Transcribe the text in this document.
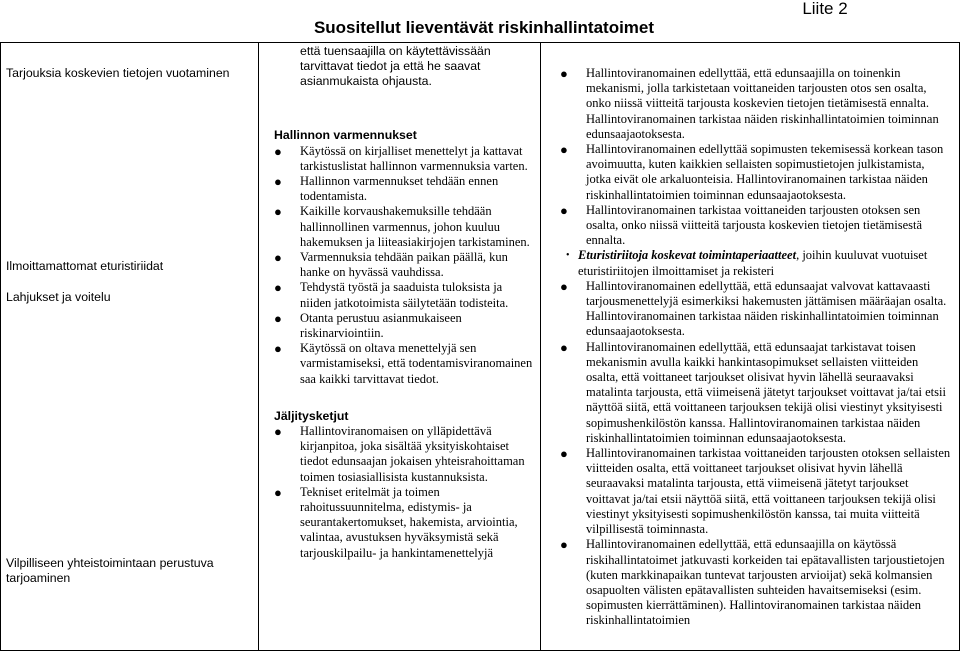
Suositellut lieventävät riskinhallintatoimet
Liite 2
Tarjouksia koskevien tietojen vuotaminen
Ilmoittamattomat eturistiriidat
Lahjukset ja voitelu
Vilpilliseen yhteistoimintaan perustuva tarjoaminen
että tuensaajilla on käytettävissään
tarvittavat tiedot ja että he saavat
asianmukaista ohjausta.
Hallinnon varmennukset
● Käytössä on kirjalliset menettelyt ja kattavat tarkistuslistat hallinnon varmennuksia varten.
● Hallinnon varmennukset tehdään ennen todentamista.
● Kaikille korvaushakemuksille tehdään hallinnollinen varmennus, johon kuuluu hakemuksen ja liiteasiakirjojen tarkistaminen.
● Varmennuksia tehdään paikan päällä, kun hanke on hyvässä vauhdissa.
● Tehdystä työstä ja saaduista tuloksista ja niiden jatkotoimista säilytetään todisteita.
● Otanta perustuu asianmukaiseen riskinarviointiin.
● Käytössä on oltava menettelyjä sen varmistamiseksi, että todentamisviranomainen saa kaikki tarvittavat tiedot.
Jäljitysketjut
● Hallintoviranomaisen on ylläpidettävä kirjanpitoa, joka sisältää yksityiskohtaiset tiedot edunsaajan jokaisen yhteisrahoittaman toimen tosiasiallisista kustannuksista.
● Tekniset eritelmät ja toimen rahoitussuunnitelma, edistymis- ja seurantakertomukset, hakemista, arviointia, valintaa, avustuksen hyväksymistä sekä tarjouskilpailu- ja hankintamenettelyjä
● Hallintoviranomainen edellyttää, että edunsaajilla on toinenkin mekanismi, jolla tarkistetaan voittaneiden tarjousten otos sen osalta, onko niissä viitteitä tarjousta koskevien tietojen tietämisestä ennalta. Hallintoviranomainen tarkistaa näiden riskinhallintatoimien toiminnan edunsaajaotoksesta.
● Hallintoviranomainen edellyttää sopimusten tekemisessä korkean tason avoimuutta, kuten kaikkien sellaisten sopimustietojen julkistamista, jotka eivät ole arkaluonteisia. Hallintoviranomainen tarkistaa näiden riskinhallintatoimien toiminnan edunsaajaotoksesta.
● Hallintoviranomainen tarkistaa voittaneiden tarjousten otoksen sen osalta, onko niissä viitteitä tarjousta koskevien tietojen tietämisestä ennalta.
• Eturistiriitoja koskevat toimintaperiaatteet, joihin kuuluvat vuotuiset eturistiriitojen ilmoittamiset ja rekisteri
● Hallintoviranomainen edellyttää, että edunsaajat valvovat kattavaasti tarjousmenettelyjä esimerkiksi hakemusten jättämisen määräajan osalta. Hallintoviranomainen tarkistaa näiden riskinhallintatoimien toiminnan edunsaajaotoksesta.
● Hallintoviranomainen edellyttää, että edunsaajat tarkistavat toisen mekanismin avulla kaikki hankintasopimukset sellaisten viitteiden osalta, että voittaneet tarjoukset olisivat hyvin lähellä seuraavaksi matalinta tarjousta, että viimeisenä jätetyt tarjoukset voittavat ja/tai etsii näyttöä siitä, että voittaneen tarjouksen tekijä olisi viestinyt yksityisesti sopimushenkilöstön kanssa. Hallintoviranomainen tarkistaa näiden riskinhallintatoimien toiminnan edunsaajaotoksesta.
● Hallintoviranomainen tarkistaa voittaneiden tarjousten otoksen sellaisten viitteiden osalta, että voittaneet tarjoukset olisivat hyvin lähellä seuraavaksi matalinta tarjousta, että viimeisenä jätetyt tarjoukset voittavat ja/tai etsii näyttöä siitä, että voittaneen tarjouksen tekijä olisi viestinyt yksityisesti sopimushenkilöstön kanssa, tai muita viitteitä vilpillisestä toiminnasta.
● Hallintoviranomainen edellyttää, että edunsaajilla on käytössä riskihallintatoimet jatkuvasti korkeiden tai epätavallisten tarjoustietojen (kuten markkinapaikan tuntevat tarjousten arvioijat) sekä kolmansien osapuolten välisten epätavallisten suhteiden havaitsemiseksi (esim. sopimusten kierrättäminen). Hallintoviranomainen tarkistaa näiden riskinhallintatoimien
